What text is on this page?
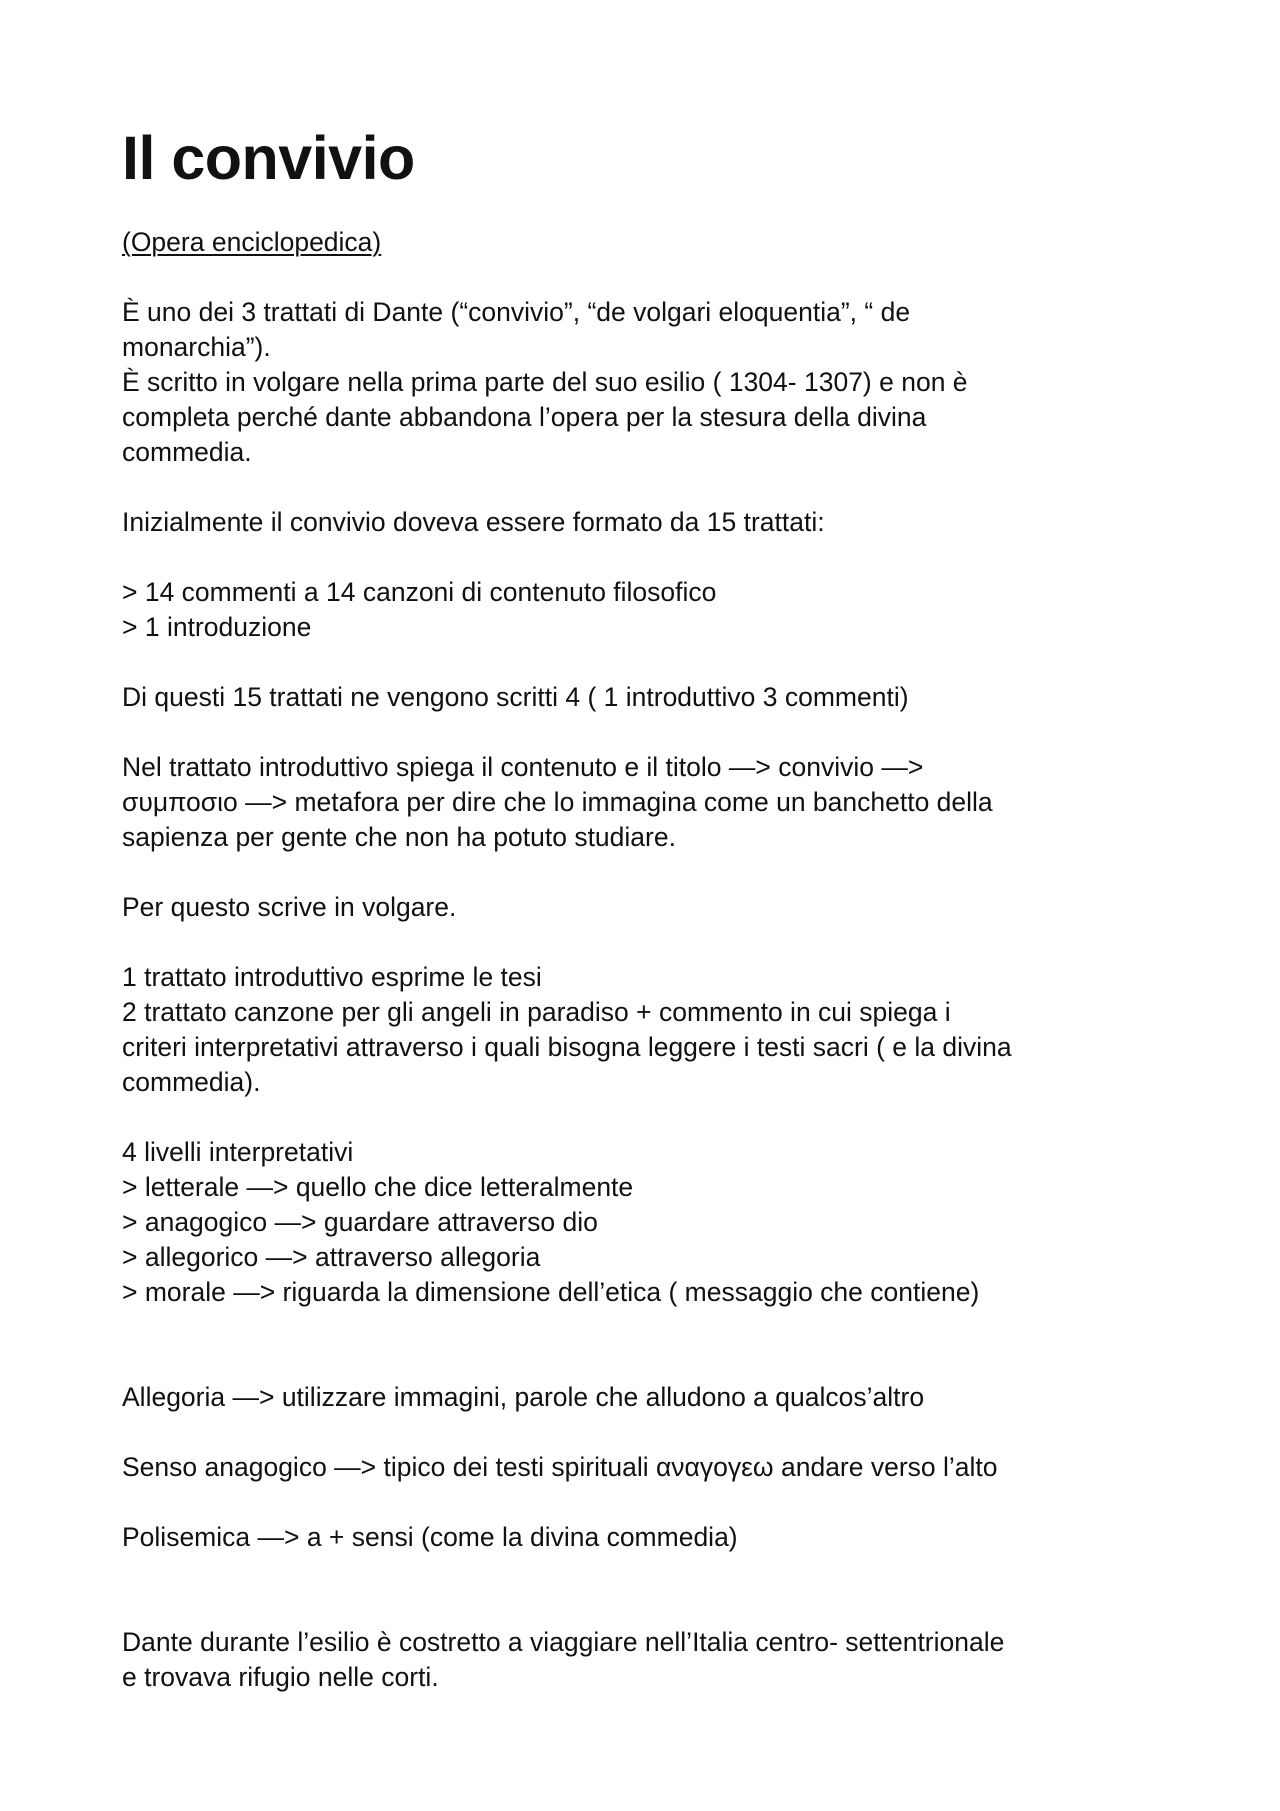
Il convivio
(Opera enciclopedica)
È uno dei 3 trattati di Dante (“convivio”, “de volgari eloquentia”, “ de
monarchia”).
È scritto in volgare nella prima parte del suo esilio ( 1304- 1307) e non è
completa perché dante abbandona l’opera per la stesura della divina
commedia.
Inizialmente il convivio doveva essere formato da 15 trattati:
> 14 commenti a 14 canzoni di contenuto filosofico
> 1 introduzione
Di questi 15 trattati ne vengono scritti 4 ( 1 introduttivo 3 commenti)
Nel trattato introduttivo spiega il contenuto e il titolo —> convivio —>
συμποσιο —> metafora per dire che lo immagina come un banchetto della
sapienza per gente che non ha potuto studiare.
Per questo scrive in volgare.
1 trattato introduttivo esprime le tesi
2 trattato canzone per gli angeli in paradiso + commento in cui spiega i
criteri interpretativi attraverso i quali bisogna leggere i testi sacri ( e la divina
commedia).
4 livelli interpretativi
> letterale —> quello che dice letteralmente
> anagogico —> guardare attraverso dio
> allegorico —> attraverso allegoria
> morale —> riguarda la dimensione dell’etica ( messaggio che contiene)
Allegoria —> utilizzare immagini, parole che alludono a qualcos’altro
Senso anagogico —> tipico dei testi spirituali αναγογεω andare verso l’alto
Polisemica —> a + sensi (come la divina commedia)
Dante durante l’esilio è costretto a viaggiare nell’Italia centro- settentrionale
e trovava rifugio nelle corti.
